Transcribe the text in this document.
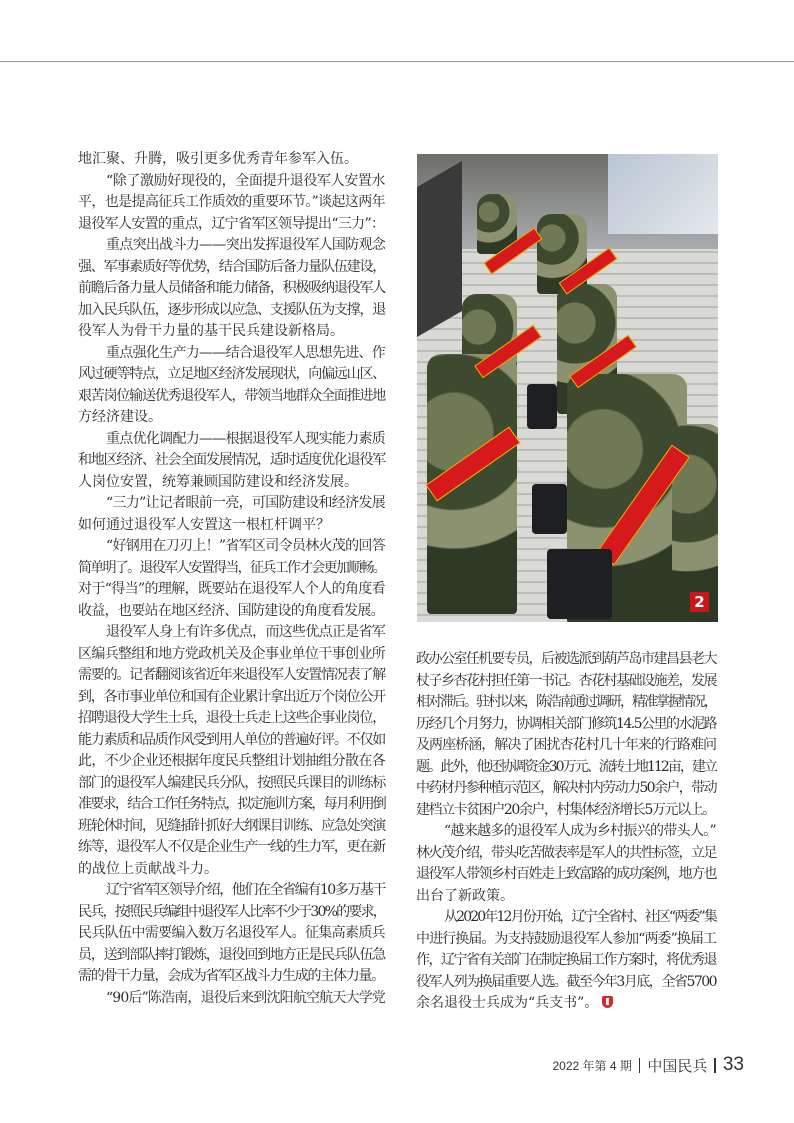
地汇聚、升腾，吸引更多优秀青年参军入伍。
“除了激励好现役的，全面提升退役军人安置水
平，也是提高征兵工作质效的重要环节。”谈起这两年
退役军人安置的重点，辽宁省军区领导提出“三力”：
重点突出战斗力——突出发挥退役军人国防观念
强、军事素质好等优势，结合国防后备力量队伍建设，
前瞻后备力量人员储备和能力储备，积极吸纳退役军人
加入民兵队伍，逐步形成以应急、支援队伍为支撑，退
役军人为骨干力量的基干民兵建设新格局。
重点强化生产力——结合退役军人思想先进、作
风过硬等特点，立足地区经济发展现状，向偏远山区、
艰苦岗位输送优秀退役军人，带领当地群众全面推进地
方经济建设。
重点优化调配力——根据退役军人现实能力素质
和地区经济、社会全面发展情况，适时适度优化退役军
人岗位安置，统筹兼顾国防建设和经济发展。
“三力”让记者眼前一亮，可国防建设和经济发展
如何通过退役军人安置这一根杠杆调平？
“好钢用在刀刃上！”省军区司令员林火茂的回答
简单明了。退役军人安置得当，征兵工作才会更加顺畅。
对于“得当”的理解，既要站在退役军人个人的角度看
收益，也要站在地区经济、国防建设的角度看发展。
退役军人身上有许多优点，而这些优点正是省军
区编兵整组和地方党政机关及企事业单位干事创业所
需要的。记者翻阅该省近年来退役军人安置情况表了解
到，各市事业单位和国有企业累计拿出近万个岗位公开
招聘退役大学生士兵，退役士兵走上这些企事业岗位，
能力素质和品质作风受到用人单位的普遍好评。不仅如
此，不少企业还根据年度民兵整组计划抽组分散在各
部门的退役军人编建民兵分队，按照民兵课目的训练标
准要求，结合工作任务特点，拟定施训方案，每月利用倒
班轮休时间，见缝插针抓好大纲课目训练、应急处突演
练等，退役军人不仅是企业生产一线的生力军，更在新
的战位上贡献战斗力。
辽宁省军区领导介绍，他们在全省编有10多万基干
民兵，按照民兵编组中退役军人比率不少于30%的要求，
民兵队伍中需要编入数万名退役军人。征集高素质兵
员，送到部队摔打锻炼，退役回到地方正是民兵队伍急
需的骨干力量，会成为省军区战斗力生成的主体力量。
“90后”陈浩南，退役后来到沈阳航空航天大学党
2
政办公室任机要专员，后被选派到葫芦岛市建昌县老大
杖子乡杏花村担任第一书记。杏花村基础设施差，发展
相对滞后。驻村以来，陈浩南通过调研，精准掌握情况，
历经几个月努力，协调相关部门修筑14.5公里的水泥路
及两座桥涵，解决了困扰杏花村几十年来的行路难问
题。此外，他还协调资金30万元、流转土地112亩，建立
中药材丹参种植示范区，解决村内劳动力50余户，带动
建档立卡贫困户20余户，村集体经济增长5万元以上。
“越来越多的退役军人成为乡村振兴的带头人。”
林火茂介绍，带头吃苦做表率是军人的共性标签，立足
退役军人带领乡村百姓走上致富路的成功案例，地方也
出台了新政策。
从2020年12月份开始，辽宁全省村、社区“两委”集
中进行换届。为支持鼓励退役军人参加“两委”换届工
作，辽宁省有关部门在制定换届工作方案时，将优秀退
役军人列为换届重要人选。截至今年3月底，全省5700
余名退役士兵成为“兵支书”。
2022 年第 4 期 中国民兵 33
